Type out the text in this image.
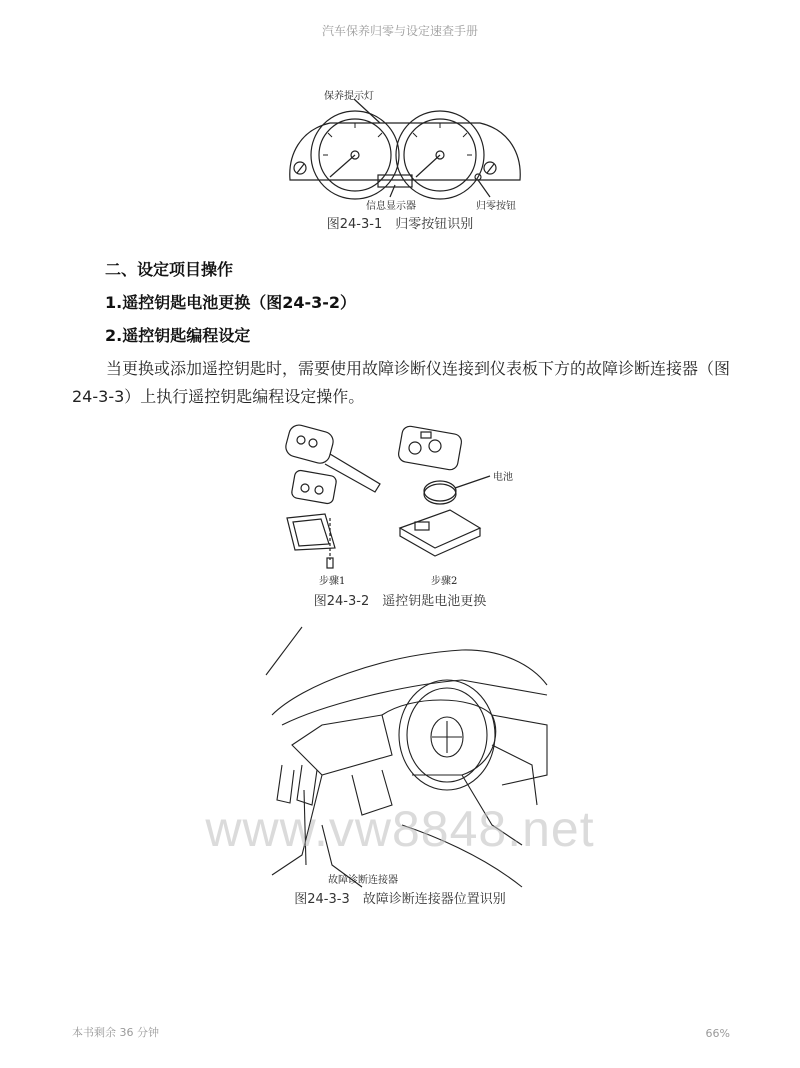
汽车保养归零与设定速查手册
保养提示灯
信息显示器	归零按钮
图24-3-1　归零按钮识别
二、设定项目操作
1.遥控钥匙电池更换（图24-3-2）
2.遥控钥匙编程设定
当更换或添加遥控钥匙时，需要使用故障诊断仪连接到仪表板下方的故障诊断连接器（图24-3-3）上执行遥控钥匙编程设定操作。
电池
步骤1	步骤2
图24-3-2　遥控钥匙电池更换
故障诊断连接器
图24-3-3　故障诊断连接器位置识别
www.vw8848.net
本书剩余 36 分钟	66%
